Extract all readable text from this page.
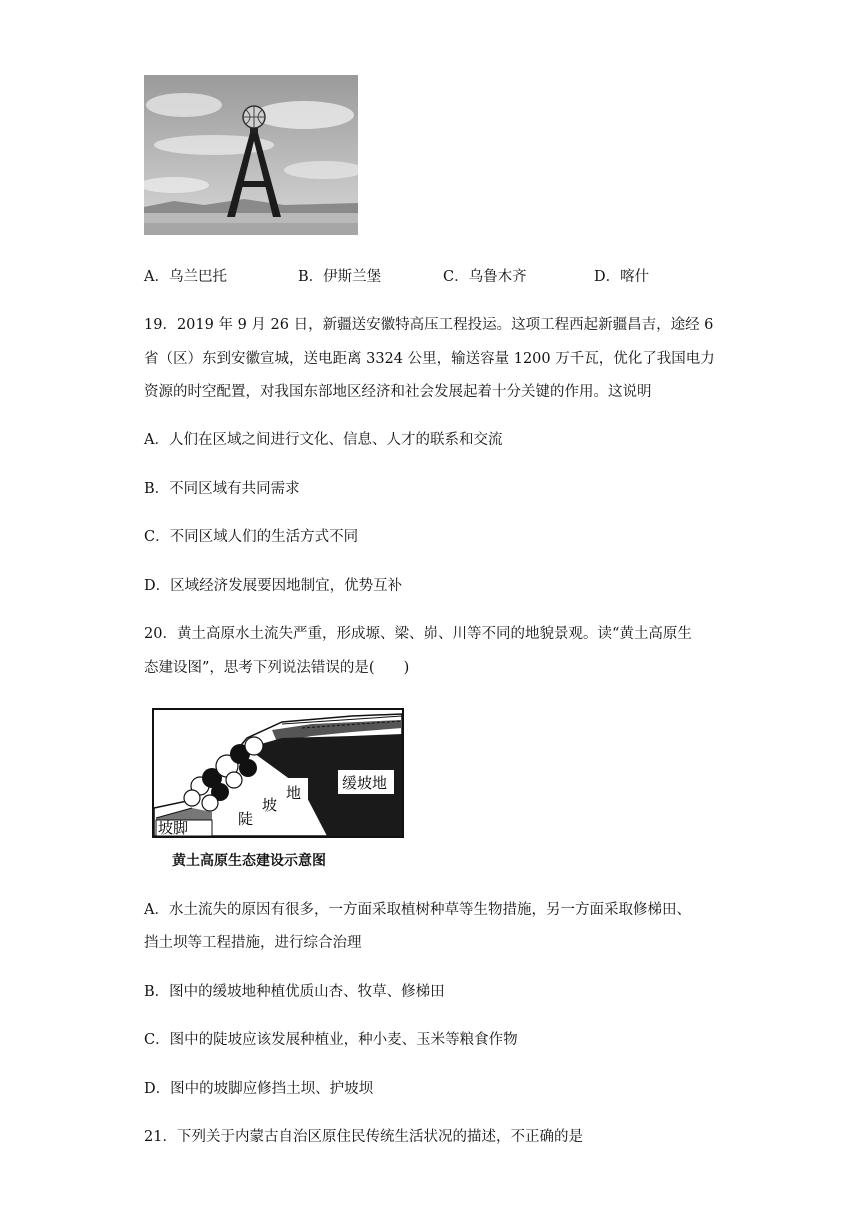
A．乌兰巴托	B．伊斯兰堡	C．乌鲁木齐	D．喀什
19．2019 年 9 月 26 日，新疆送安徽特高压工程投运。这项工程西起新疆昌吉，途经 6
省（区）东到安徽宣城，送电距离 3324 公里，输送容量 1200 万千瓦，优化了我国电力
资源的时空配置，对我国东部地区经济和社会发展起着十分关键的作用。这说明
A．人们在区域之间进行文化、信息、人才的联系和交流
B．不同区域有共同需求
C．不同区域人们的生活方式不同
D．区域经济发展要因地制宜，优势互补
20．黄土高原水土流失严重，形成塬、梁、峁、川等不同的地貌景观。读“黄土高原生
态建设图”，思考下列说法错误的是(　　)
坡脚	陡
坡
地
缓坡地
黄土高原生态建设示意图
A．水土流失的原因有很多，一方面采取植树种草等生物措施，另一方面采取修梯田、
挡土坝等工程措施，进行综合治理
B．图中的缓坡地种植优质山杏、牧草、修梯田
C．图中的陡坡应该发展种植业，种小麦、玉米等粮食作物
D．图中的坡脚应修挡土坝、护坡坝
21．下列关于内蒙古自治区原住民传统生活状况的描述，不正确的是
